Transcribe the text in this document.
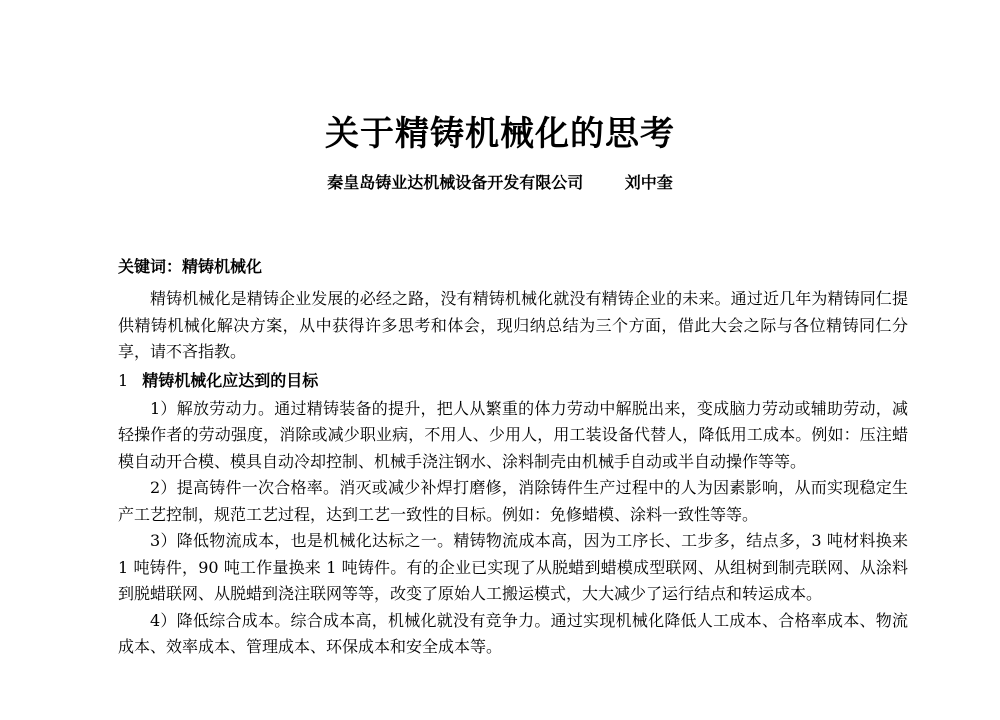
关于精铸机械化的思考
秦皇岛铸业达机械设备开发有限公司	刘中奎
关键词：精铸机械化

精铸机械化是精铸企业发展的必经之路，没有精铸机械化就没有精铸企业的未来。通过近几年为精铸同仁提供精铸机械化解决方案，从中获得许多思考和体会，现归纳总结为三个方面，借此大会之际与各位精铸同仁分享，请不吝指教。

1 精铸机械化应达到的目标

1）解放劳动力。通过精铸装备的提升，把人从繁重的体力劳动中解脱出来，变成脑力劳动或辅助劳动，减轻操作者的劳动强度，消除或减少职业病，不用人、少用人，用工装设备代替人，降低用工成本。例如：压注蜡模自动开合模、模具自动冷却控制、机械手浇注钢水、涂料制壳由机械手自动或半自动操作等等。

2）提高铸件一次合格率。消灭或减少补焊打磨修，消除铸件生产过程中的人为因素影响，从而实现稳定生产工艺控制，规范工艺过程，达到工艺一致性的目标。例如：免修蜡模、涂料一致性等等。

3）降低物流成本，也是机械化达标之一。精铸物流成本高，因为工序长、工步多，结点多，3 吨材料换来 1 吨铸件，90 吨工作量换来 1 吨铸件。有的企业已实现了从脱蜡到蜡模成型联网、从组树到制壳联网、从涂料到脱蜡联网、从脱蜡到浇注联网等等，改变了原始人工搬运模式，大大减少了运行结点和转运成本。

4）降低综合成本。综合成本高，机械化就没有竞争力。通过实现机械化降低人工成本、合格率成本、物流成本、效率成本、管理成本、环保成本和安全成本等。
